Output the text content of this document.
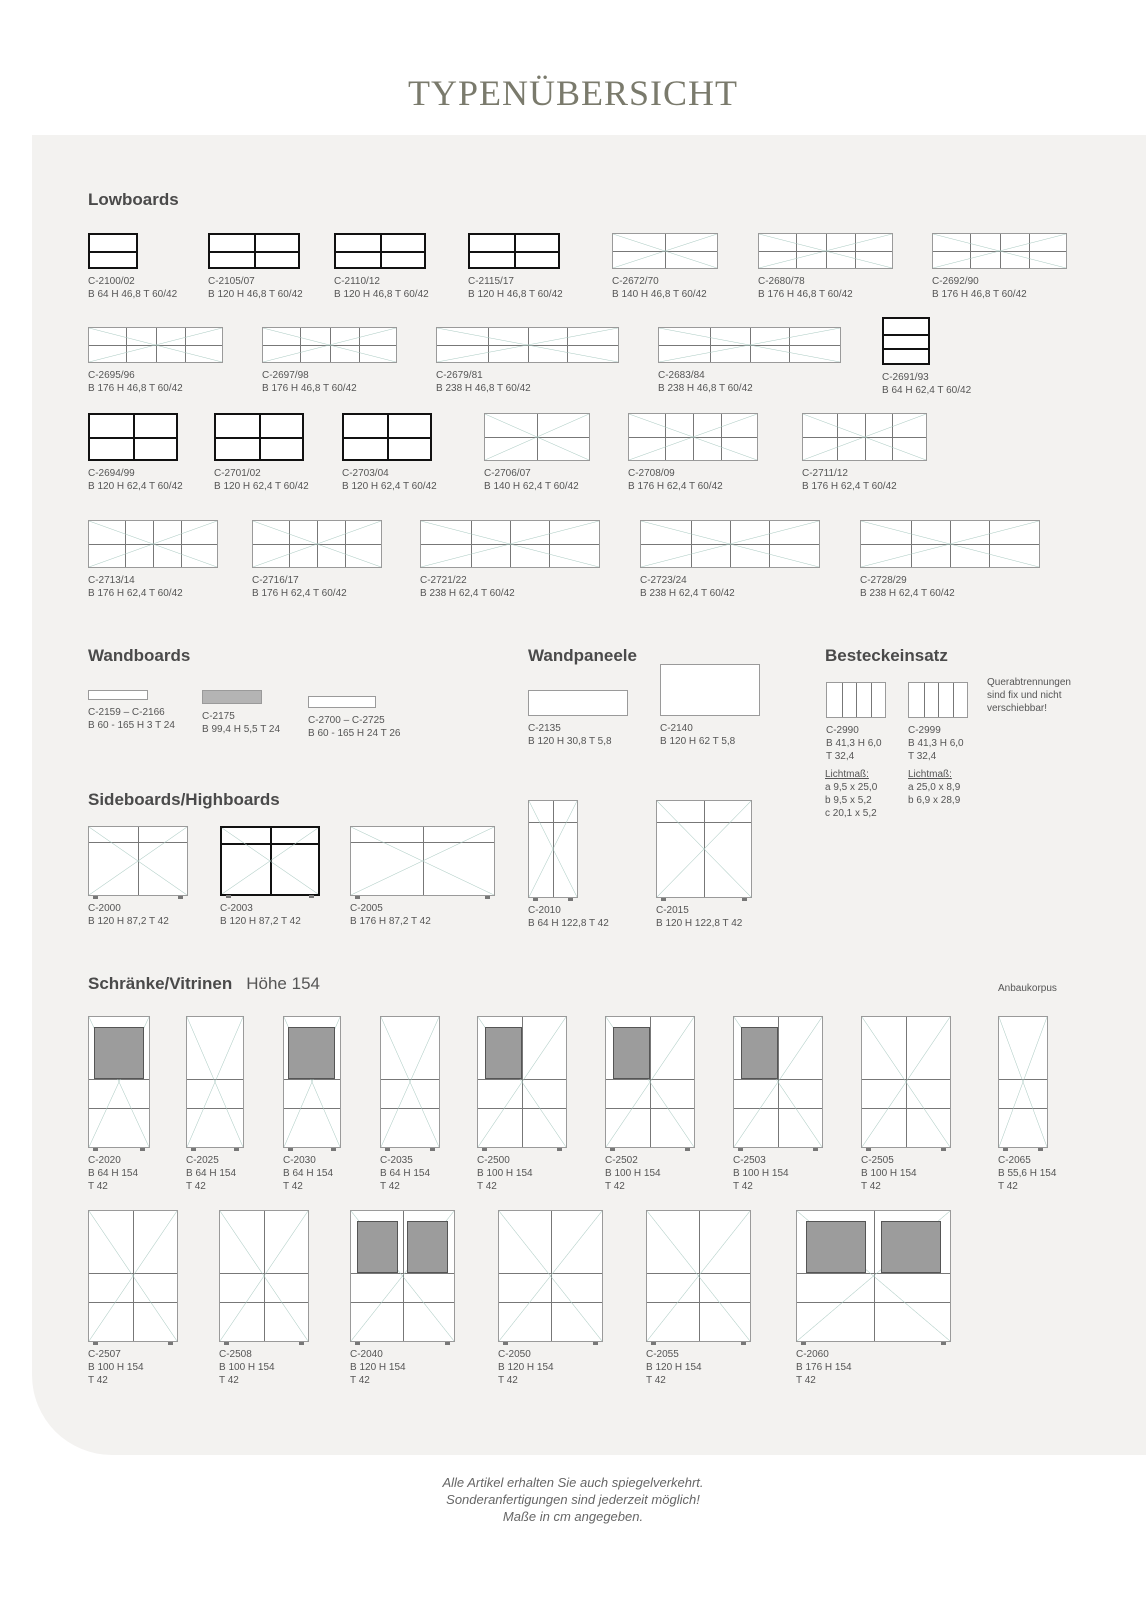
TYPENÜBERSICHT
Lowboards
Wandboards	Wandpaneele	Besteckeinsatz
Sideboards/Highboards
Schränke/Vitrinen Höhe 154	Anbaukorpus
C-2100/02
B 64 H 46,8 T 60/42
C-2105/07
B 120 H 46,8 T 60/42
C-2110/12
B 120 H 46,8 T 60/42
C-2115/17
B 120 H 46,8 T 60/42
C-2672/70
B 140 H 46,8 T 60/42
C-2680/78
B 176 H 46,8 T 60/42
C-2692/90
B 176 H 46,8 T 60/42
C-2695/96
B 176 H 46,8 T 60/42
C-2697/98
B 176 H 46,8 T 60/42
C-2679/81
B 238 H 46,8 T 60/42
C-2683/84
B 238 H 46,8 T 60/42
C-2691/93
B 64 H 62,4 T 60/42
C-2694/99
B 120 H 62,4 T 60/42
C-2701/02
B 120 H 62,4 T 60/42
C-2703/04
B 120 H 62,4 T 60/42
C-2706/07
B 140 H 62,4 T 60/42
C-2708/09
B 176 H 62,4 T 60/42
C-2711/12
B 176 H 62,4 T 60/42
C-2713/14
B 176 H 62,4 T 60/42
C-2716/17
B 176 H 62,4 T 60/42
C-2721/22
B 238 H 62,4 T 60/42
C-2723/24
B 238 H 62,4 T 60/42
C-2728/29
B 238 H 62,4 T 60/42
C-2159 – C-2166
B 60 - 165 H 3 T 24
C-2175
B 99,4 H 5,5 T 24
C-2700 – C-2725
B 60 - 165 H 24 T 26	C-2135
B 120 H 30,8 T 5,8
C-2140
B 120 H 62 T 5,8
C-2990
B 41,3 H 6,0
T 32,4
C-2999
B 41,3 H 6,0
T 32,4
C-2000
B 120 H 87,2 T 42
C-2003
B 120 H 87,2 T 42
C-2005
B 176 H 87,2 T 42
C-2010
B 64 H 122,8 T 42
C-2015
B 120 H 122,8 T 42
C-2020
B 64 H 154
T 42
C-2025
B 64 H 154
T 42
C-2030
B 64 H 154
T 42
C-2035
B 64 H 154
T 42
C-2500
B 100 H 154
T 42
C-2502
B 100 H 154
T 42
C-2503
B 100 H 154
T 42
C-2505
B 100 H 154
T 42
C-2065
B 55,6 H 154
T 42
C-2507
B 100 H 154
T 42
C-2508
B 100 H 154
T 42
C-2040
B 120 H 154
T 42
C-2050
B 120 H 154
T 42
C-2055
B 120 H 154
T 42
C-2060
B 176 H 154
T 42
Querabtrennungen
sind fix und nicht
verschiebbar!
Lichtmaß:
a 9,5 x 25,0
b 9,5 x 5,2
c 20,1 x 5,2
Lichtmaß:
a 25,0 x 8,9
b 6,9 x 28,9
Alle Artikel erhalten Sie auch spiegelverkehrt.
Sonderanfertigungen sind jederzeit möglich!
Maße in cm angegeben.
